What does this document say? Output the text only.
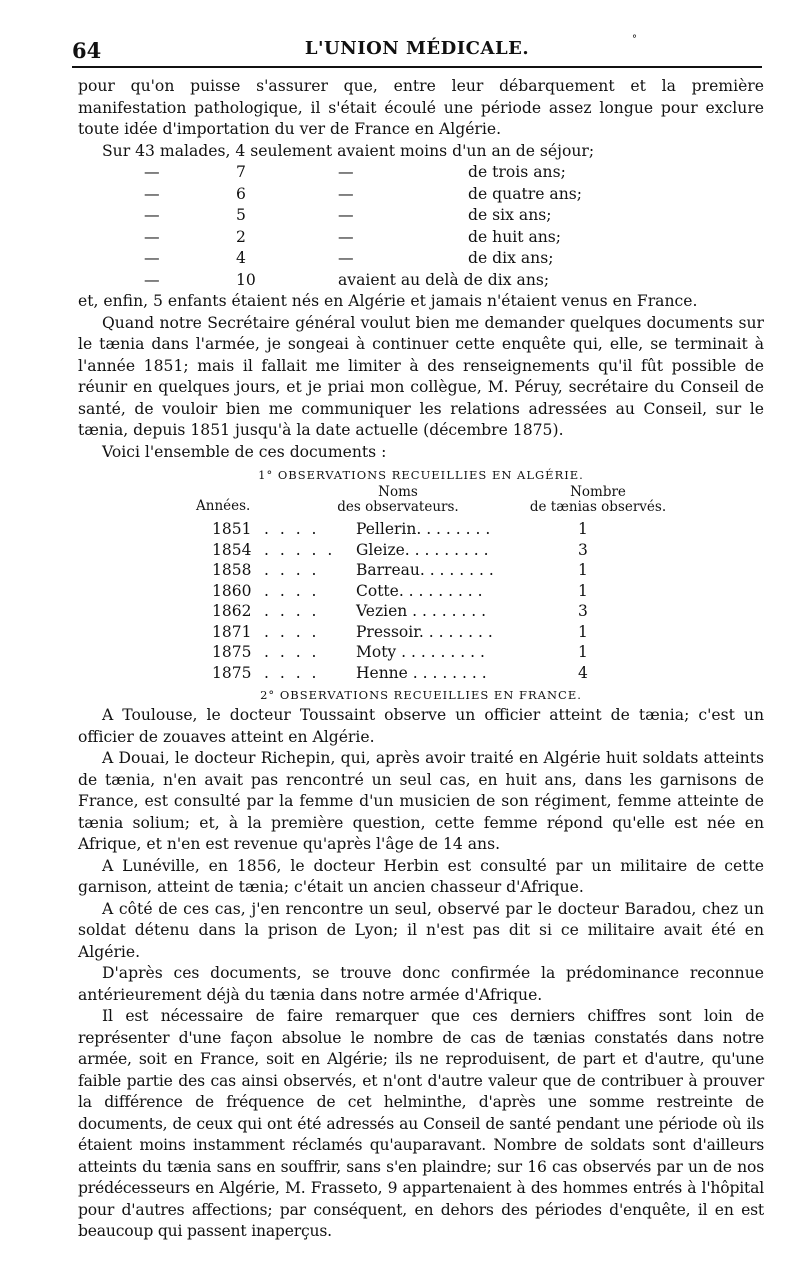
64	L'UNION MÉDICALE.	°

pour qu'on puisse s'assurer que, entre leur débarquement et la première manifestation pathologique, il s'était écoulé une période assez longue pour exclure toute idée d'importation du ver de France en Algérie.

Sur 43 malades, 4 seulement avaient moins d'un an de séjour;

—	7	—	de trois ans;
—	6	—	de quatre ans;
—	5	—	de six ans;
—	2	—	de huit ans;
—	4	—	de dix ans;
—	10	avaient au delà de dix ans;

et, enfin, 5 enfants étaient nés en Algérie et jamais n'étaient venus en France.

Quand notre Secrétaire général voulut bien me demander quelques documents sur le tænia dans l'armée, je songeai à continuer cette enquête qui, elle, se terminait à l'année 1851; mais il fallait me limiter à des renseignements qu'il fût possible de réunir en quelques jours, et je priai mon collègue, M. Péruy, secrétaire du Conseil de santé, de vouloir bien me communiquer les relations adressées au Conseil, sur le tænia, depuis 1851 jusqu'à la date actuelle (décembre 1875).

Voici l'ensemble de ces documents :

1° OBSERVATIONS RECUEILLIES EN ALGÉRIE.
Années.
Noms
des observateurs.
Nombre
de tænias observés.
1851 . . . . Pellerin. . . . . . . .	1
1854 . . . . . Gleize. . . . . . . . .	3
1858 . . . . Barreau. . . . . . . .	1
1860 . . . . Cotte. . . . . . . . .	1
1862 . . . . Vezien . . . . . . . .	3
1871 . . . . Pressoir. . . . . . . .	1
1875 . . . . Moty . . . . . . . . .	1
1875 . . . . Henne . . . . . . . .	4
2° OBSERVATIONS RECUEILLIES EN FRANCE.

A Toulouse, le docteur Toussaint observe un officier atteint de tænia; c'est un officier de zouaves atteint en Algérie.

A Douai, le docteur Richepin, qui, après avoir traité en Algérie huit soldats atteints de tænia, n'en avait pas rencontré un seul cas, en huit ans, dans les garnisons de France, est consulté par la femme d'un musicien de son régiment, femme atteinte de tænia solium; et, à la première question, cette femme répond qu'elle est née en Afrique, et n'en est revenue qu'après l'âge de 14 ans.

A Lunéville, en 1856, le docteur Herbin est consulté par un militaire de cette garnison, atteint de tænia; c'était un ancien chasseur d'Afrique.

A côté de ces cas, j'en rencontre un seul, observé par le docteur Baradou, chez un soldat détenu dans la prison de Lyon; il n'est pas dit si ce militaire avait été en Algérie.

D'après ces documents, se trouve donc confirmée la prédominance reconnue antérieurement déjà du tænia dans notre armée d'Afrique.

Il est nécessaire de faire remarquer que ces derniers chiffres sont loin de représenter d'une façon absolue le nombre de cas de tænias constatés dans notre armée, soit en France, soit en Algérie; ils ne reproduisent, de part et d'autre, qu'une faible partie des cas ainsi observés, et n'ont d'autre valeur que de contribuer à prouver la différence de fréquence de cet helminthe, d'après une somme restreinte de documents, de ceux qui ont été adressés au Conseil de santé pendant une période où ils étaient moins instamment réclamés qu'auparavant. Nombre de soldats sont d'ailleurs atteints du tænia sans en souffrir, sans s'en plaindre; sur 16 cas observés par un de nos prédécesseurs en Algérie, M. Frasseto, 9 appartenaient à des hommes entrés à l'hôpital pour d'autres affections; par conséquent, en dehors des périodes d'enquête, il en est beaucoup qui passent inaperçus.
